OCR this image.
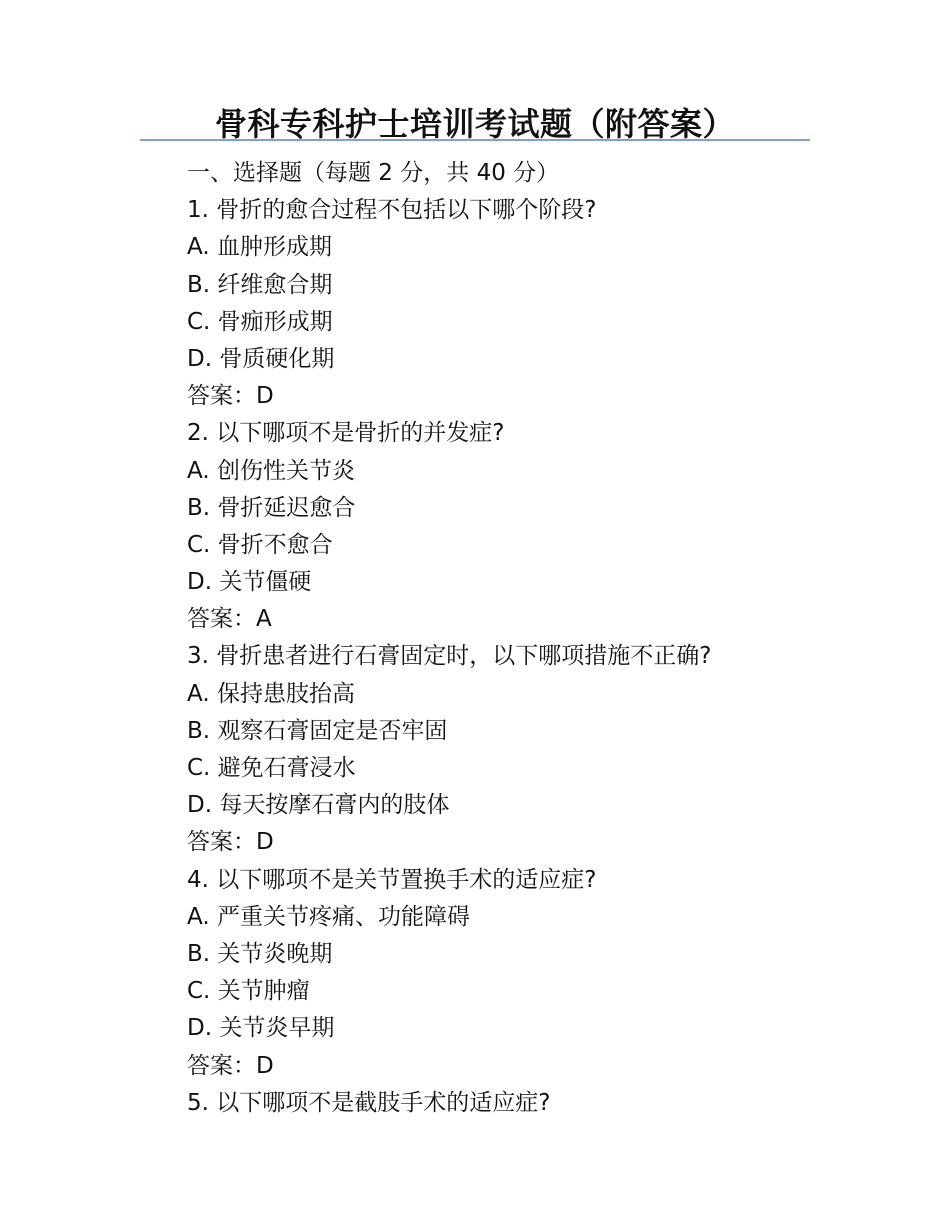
骨科专科护士培训考试题（附答案）
一、选择题（每题 2 分，共 40 分）
1. 骨折的愈合过程不包括以下哪个阶段?
A. 血肿形成期
B. 纤维愈合期
C. 骨痂形成期
D. 骨质硬化期
答案：D
2. 以下哪项不是骨折的并发症?
A. 创伤性关节炎
B. 骨折延迟愈合
C. 骨折不愈合
D. 关节僵硬
答案：A
3. 骨折患者进行石膏固定时，以下哪项措施不正确?
A. 保持患肢抬高
B. 观察石膏固定是否牢固
C. 避免石膏浸水
D. 每天按摩石膏内的肢体
答案：D
4. 以下哪项不是关节置换手术的适应症?
A. 严重关节疼痛、功能障碍
B. 关节炎晚期
C. 关节肿瘤
D. 关节炎早期
答案：D
5. 以下哪项不是截肢手术的适应症?
